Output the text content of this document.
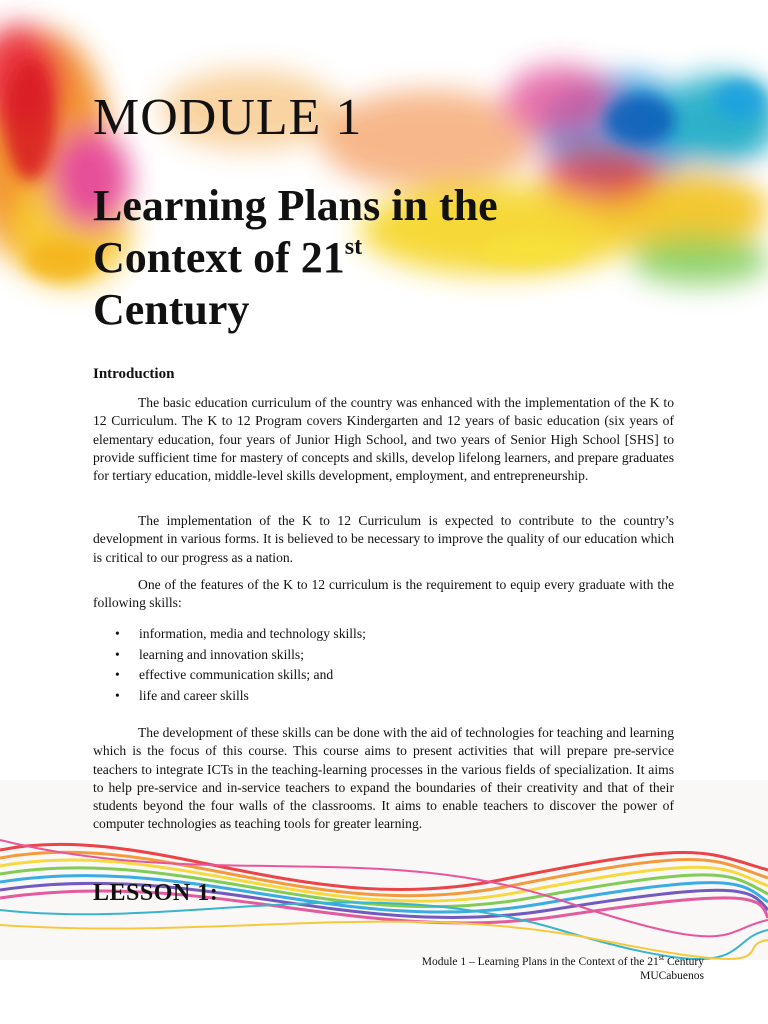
MODULE 1
Learning Plans in the Context of 21st
Century
Introduction

The basic education curriculum of the country was enhanced with the implementation of the K to 12 Curriculum. The K to 12 Program covers Kindergarten and 12 years of basic education (six years of elementary education, four years of Junior High School, and two years of Senior High School [SHS] to provide sufficient time for mastery of concepts and skills, develop lifelong learners, and prepare graduates for tertiary education, middle-level skills development, employment, and entrepreneurship.

The implementation of the K to 12 Curriculum is expected to contribute to the country’s development in various forms. It is believed to be necessary to improve the quality of our education which is critical to our progress as a nation.

One of the features of the K to 12 curriculum is the requirement to equip every graduate with the following skills:

• information, media and technology skills;
• learning and innovation skills;
• effective communication skills; and
• life and career skills

The development of these skills can be done with the aid of technologies for teaching and learning which is the focus of this course. This course aims to present activities that will prepare pre-service teachers to integrate ICTs in the teaching-learning processes in the various fields of specialization. It aims to help pre-service and in-service teachers to expand the boundaries of their creativity and that of their students beyond the four walls of the classrooms. It aims to enable teachers to discover the power of computer technologies as teaching tools for greater learning.

LESSON 1:
Module 1 – Learning Plans in the Context of the 21st Century
MUCabuenos
